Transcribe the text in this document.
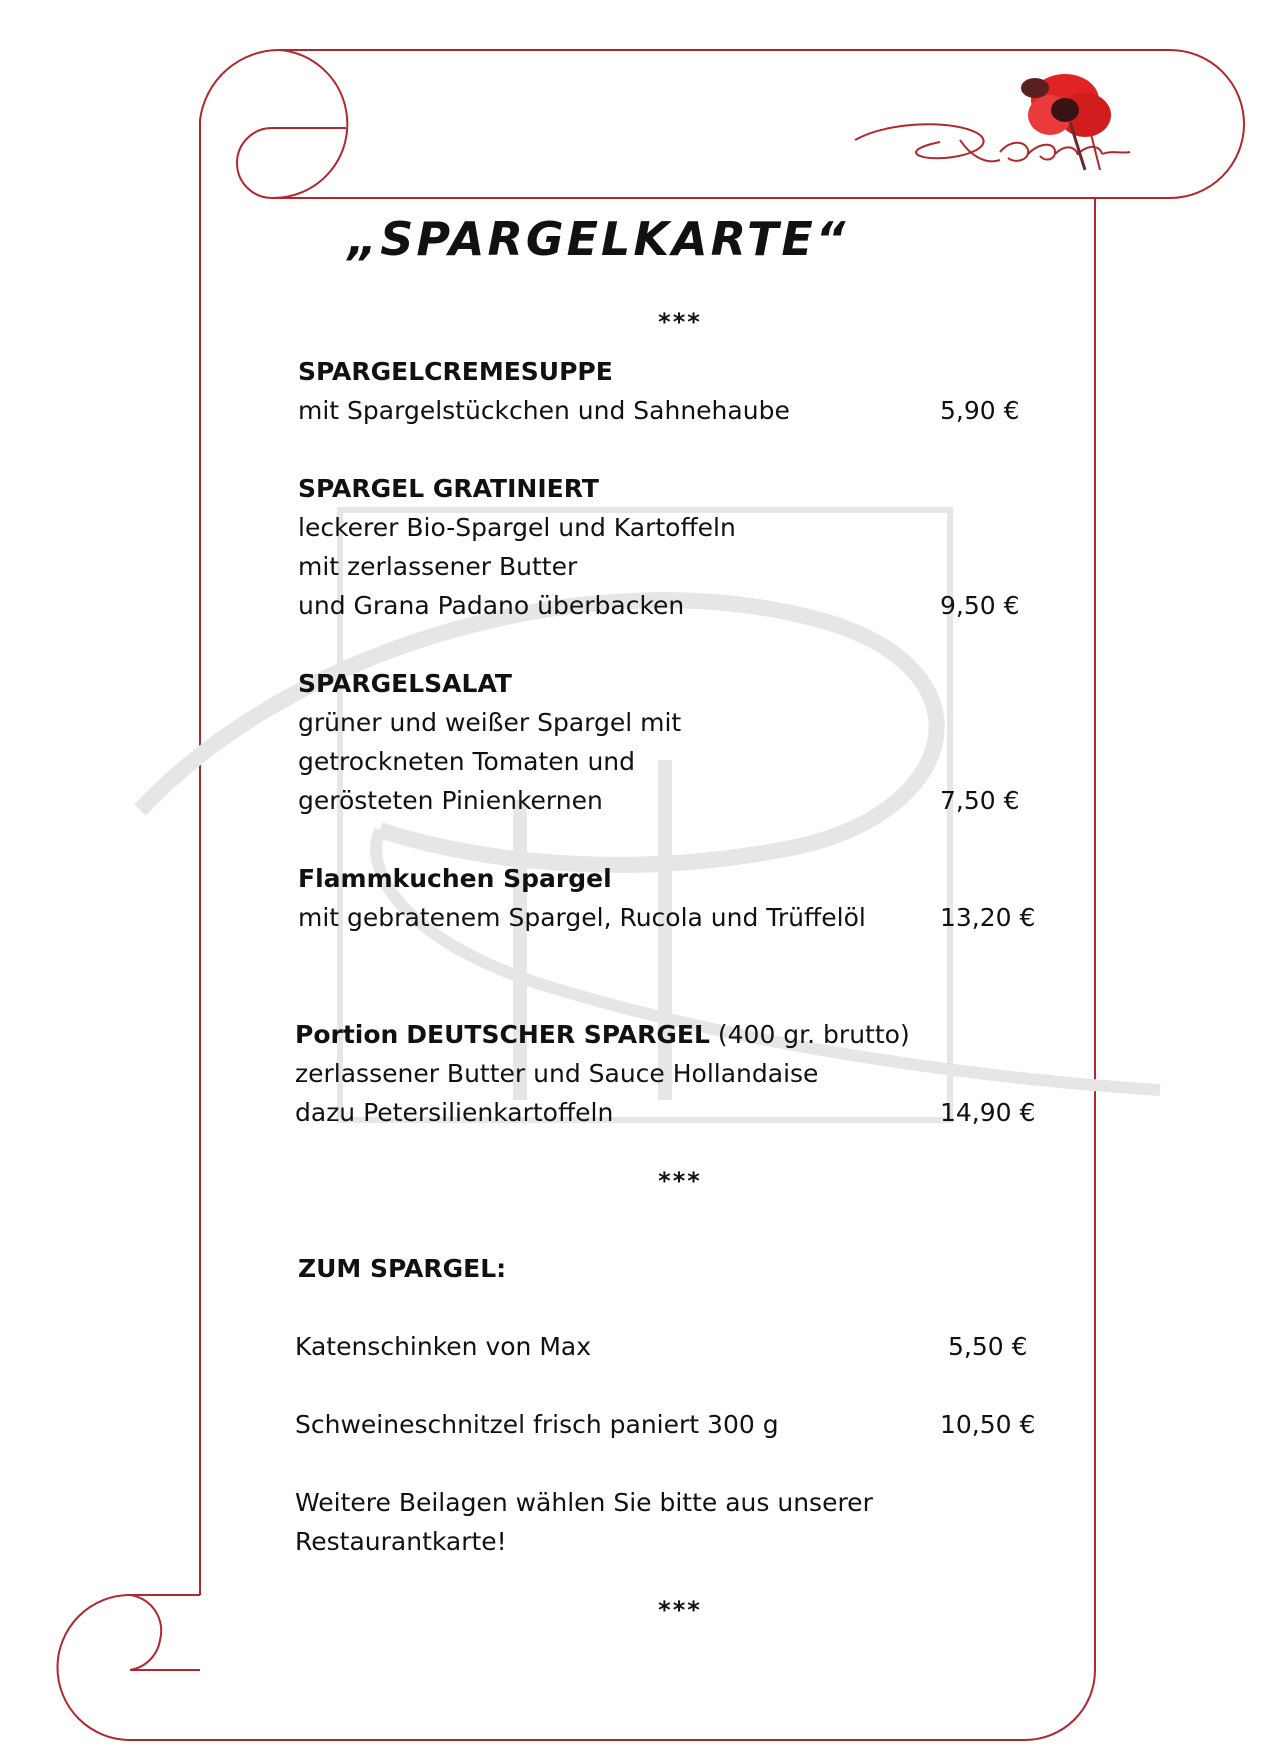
„SPARGELKARTE“
***
SPARGELCREMESUPPE
mit Spargelstückchen und Sahnehaube	5,90 €
SPARGEL GRATINIERT
leckerer Bio-Spargel und Kartoffeln
mit zerlassener Butter
und Grana Padano überbacken	9,50 €
SPARGELSALAT
grüner und weißer Spargel mit
getrockneten Tomaten und
gerösteten Pinienkernen	7,50 €
Flammkuchen Spargel
mit gebratenem Spargel, Rucola und Trüffelöl	13,20 €
Portion DEUTSCHER SPARGEL (400 gr. brutto)
zerlassener Butter und Sauce Hollandaise
dazu Petersilienkartoffeln	14,90 €
***
ZUM SPARGEL:
Katenschinken von Max	5,50 €
Schweineschnitzel frisch paniert 300 g	10,50 €
Weitere Beilagen wählen Sie bitte aus unserer
Restaurantkarte!
***
